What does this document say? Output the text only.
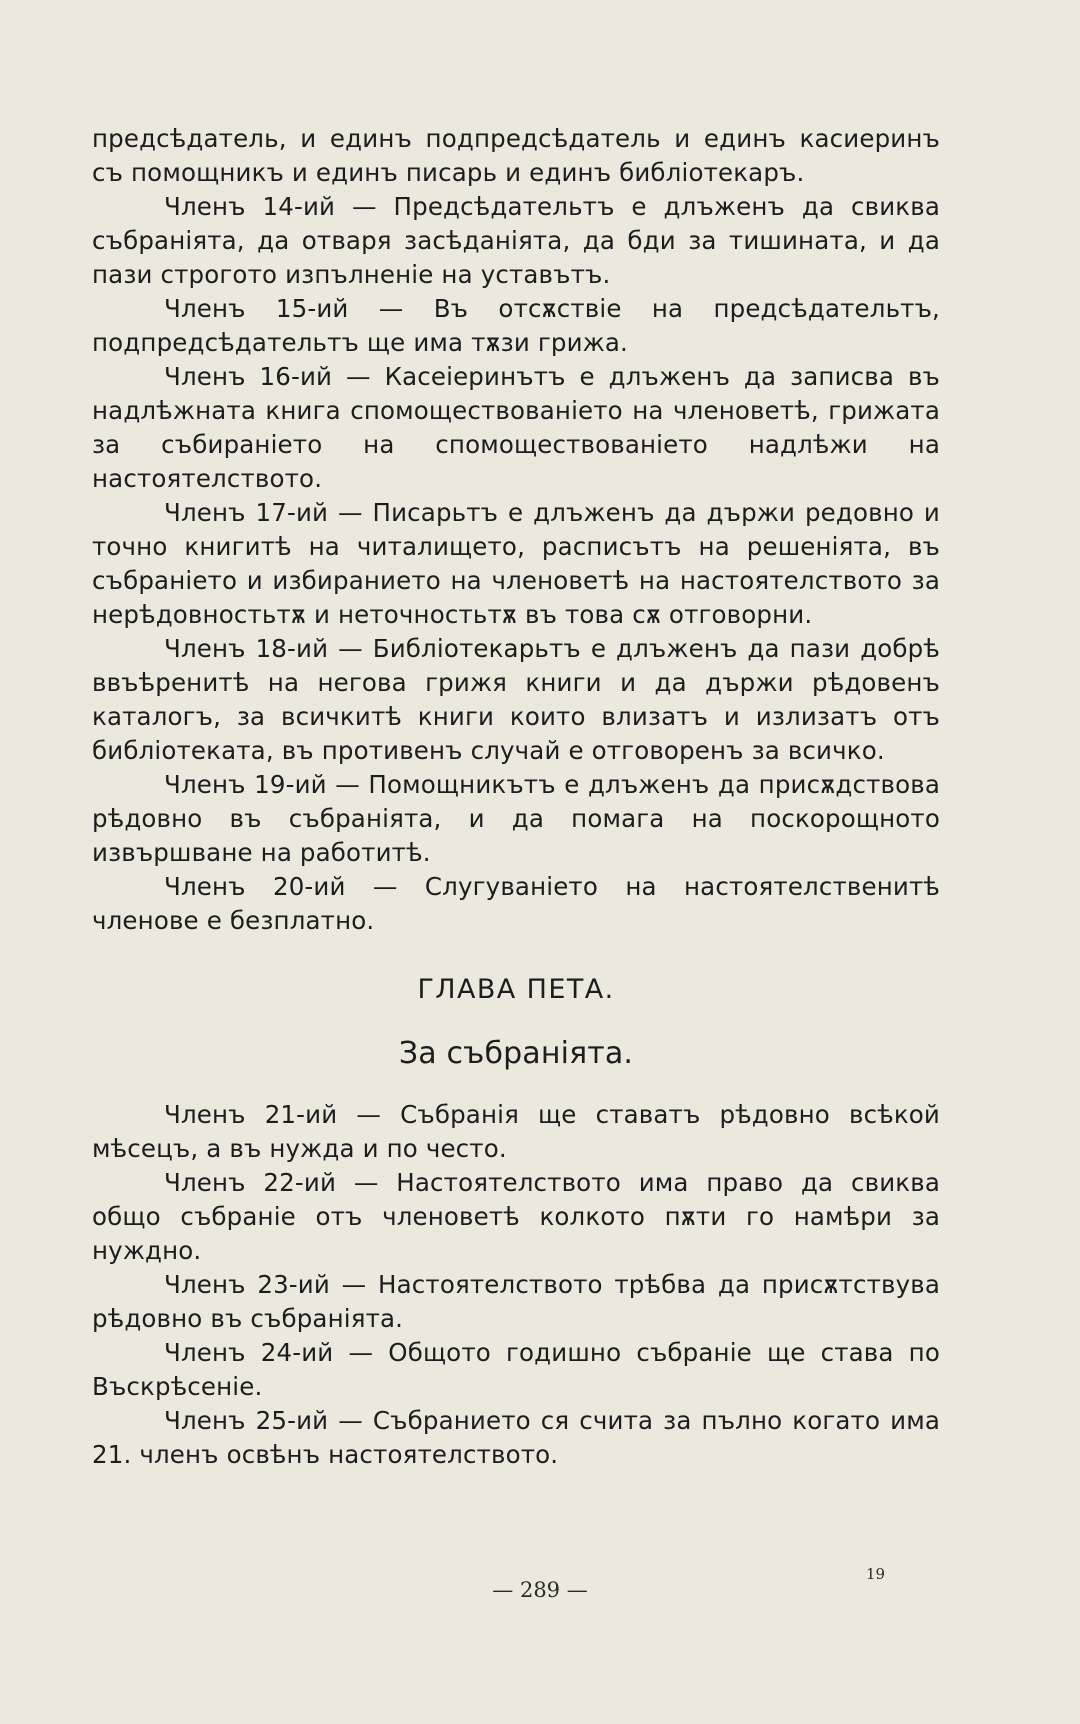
предсѣдатель, и единъ подпредсѣдатель и единъ касиеринъ съ помощникъ и единъ писарь и единъ библiотекаръ.

Членъ 14-ий — Предсѣдательтъ е длъженъ да свиква събранiята, да отваря засѣданiята, да бди за тишината, и да пази строгото изпълненiе на уставътъ.

Членъ 15-ий — Въ отсѫствiе на предсѣдательтъ, подпредсѣдательтъ ще има тѫзи грижа.

Членъ 16-ий — Касеiеринътъ е длъженъ да записва въ надлѣжната книга спомоществованiето на членоветѣ, грижата за събиранiето на спомоществованiето надлѣжи на настоятелството.

Членъ 17-ий — Писарьтъ е длъженъ да държи редовно и точно книгитѣ на читалището, расписътъ на решенiята, въ събранiето и избиранието на членоветѣ на настоятелството за нерѣдовностьтѫ и неточностьтѫ въ това сѫ отговорни.

Членъ 18-ий — Библiотекарьтъ е длъженъ да пази добрѣ ввъѣренитѣ на негова грижя книги и да държи рѣдовенъ каталогъ, за всичкитѣ книги които влизатъ и излизатъ отъ библiотеката, въ противенъ случай е отговоренъ за всичко.

Членъ 19-ий — Помощникътъ е длъженъ да присѫдствова рѣдовно въ събранiята, и да помага на поскорощното извършване на работитѣ.

Членъ 20-ий — Слугуванiето на настоятелственитѣ членове е безплатно.

ГЛАВА ПЕТА.
За събранiята.

Членъ 21-ий — Събранiя ще ставатъ рѣдовно всѣкой мѣсецъ, а въ нужда и по често.

Членъ 22-ий — Настоятелството има право да свиква общо събранiе отъ членоветѣ колкото пѫти го намѣри за нуждно.

Членъ 23-ий — Настоятелството трѣбва да присѫтствува рѣдовно въ събранiята.

Членъ 24-ий — Общото годишно събранiе ще става по Въскрѣсенiе.

Членъ 25-ий — Събранието ся счита за пълно когато има 21. членъ освѣнъ настоятелството.

— 289 —
19
